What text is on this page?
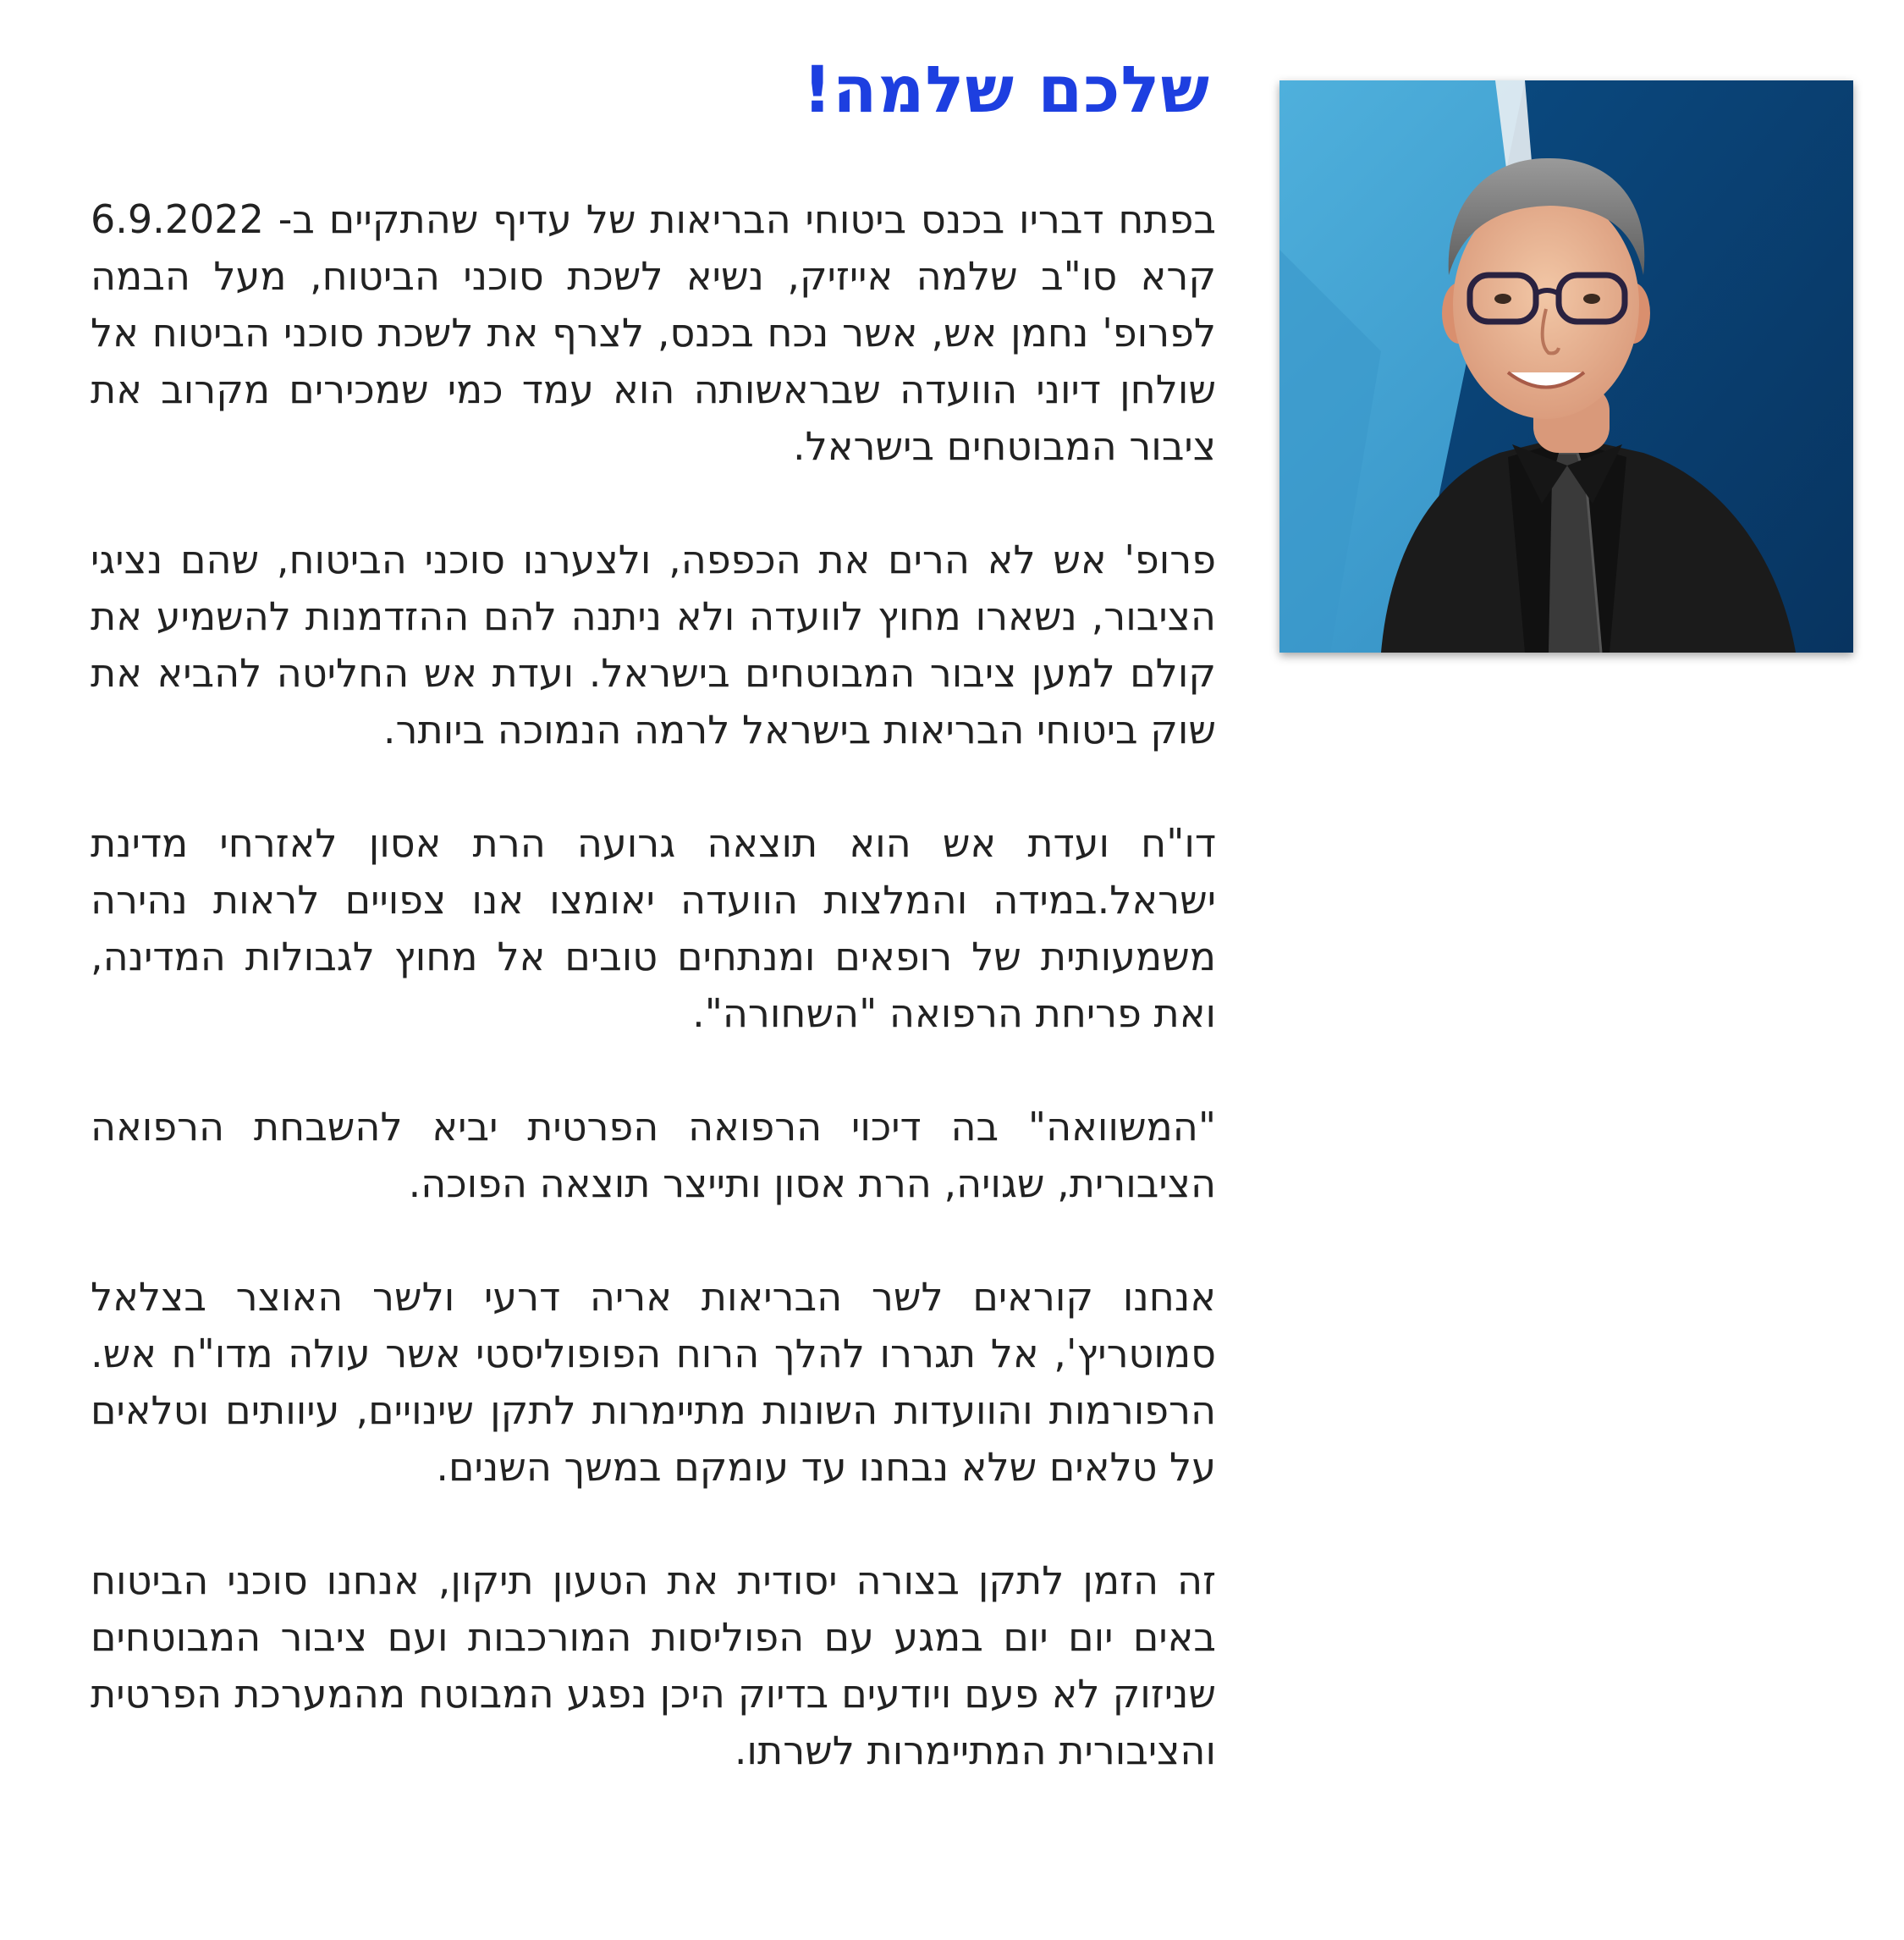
שלכם שלמה!

בפתח דבריו בכנס ביטוחי הבריאות של עדיף שהתקיים ב- 6.9.2022 קרא סו"ב שלמה אייזיק, נשיא לשכת סוכני הביטוח, מעל הבמה לפרופ' נחמן אש, אשר נכח בכנס, לצרף את לשכת סוכני הביטוח אל שולחן דיוני הוועדה שבראשותה הוא עמד כמי שמכירים מקרוב את ציבור המבוטחים בישראל.

פרופ' אש לא הרים את הכפפה, ולצערנו סוכני הביטוח, שהם נציגי הציבור, נשארו מחוץ לוועדה ולא ניתנה להם ההזדמנות להשמיע את קולם למען ציבור המבוטחים בישראל. ועדת אש החליטה להביא את שוק ביטוחי הבריאות בישראל לרמה הנמוכה ביותר.

דו"ח ועדת אש הוא תוצאה גרועה הרת אסון לאזרחי מדינת ישראל.במידה והמלצות הוועדה יאומצו אנו צפויים לראות נהירה משמעותית של רופאים ומנתחים טובים אל מחוץ לגבולות המדינה, ואת פריחת הרפואה "השחורה".

"המשוואה" בה דיכוי הרפואה הפרטית יביא להשבחת הרפואה הציבורית, שגויה, הרת אסון ותייצר תוצאה הפוכה.

אנחנו קוראים לשר הבריאות אריה דרעי ולשר האוצר בצלאל סמוטריץ', אל תגררו להלך הרוח הפופוליסטי אשר עולה מדו"ח אש. הרפורמות והוועדות השונות מתיימרות לתקן שינויים, עיוותים וטלאים על טלאים שלא נבחנו עד עומקם במשך השנים.

זה הזמן לתקן בצורה יסודית את הטעון תיקון, אנחנו סוכני הביטוח באים יום יום במגע עם הפוליסות המורכבות ועם ציבור המבוטחים שניזוק לא פעם ויודעים בדיוק היכן נפגע המבוטח מהמערכת הפרטית והציבורית המתיימרות לשרתו.
